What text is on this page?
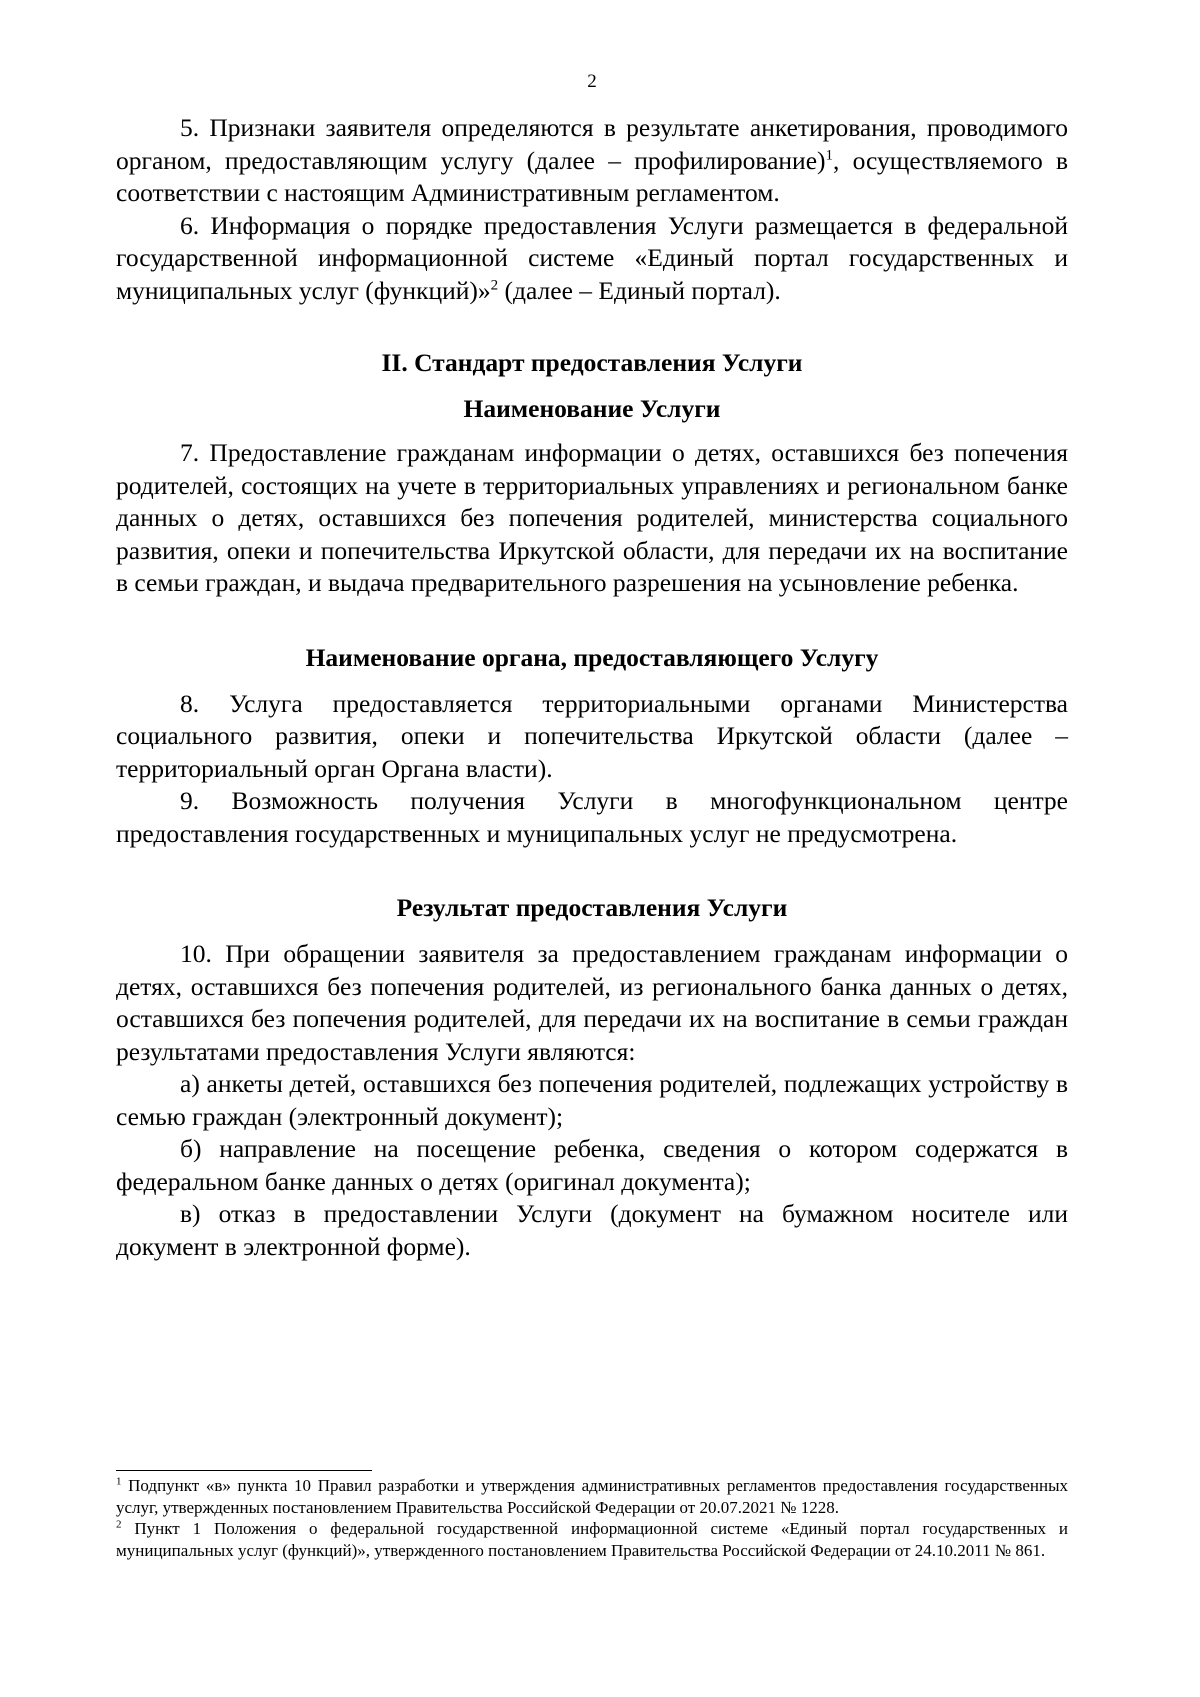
2

5. Признаки заявителя определяются в результате анкетирования, проводимого органом, предоставляющим услугу (далее – профилирование)$^1$, осуществляемого в соответствии с настоящим Административным регламентом.

6. Информация о порядке предоставления Услуги размещается в федеральной государственной информационной системе «Единый портал государственных и муниципальных услуг (функций)»$^2$ (далее – Единый портал).

II. Стандарт предоставления Услуги
Наименование Услуги

7. Предоставление гражданам информации о детях, оставшихся без попечения родителей, состоящих на учете в территориальных управлениях и региональном банке данных о детях, оставшихся без попечения родителей, министерства социального развития, опеки и попечительства Иркутской области, для передачи их на воспитание в семьи граждан, и выдача предварительного разрешения на усыновление ребенка.

Наименование органа, предоставляющего Услугу

8. Услуга предоставляется территориальными органами Министерства социального развития, опеки и попечительства Иркутской области (далее – территориальный орган Органа власти).

9. Возможность получения Услуги в многофункциональном центре предоставления государственных и муниципальных услуг не предусмотрена.

Результат предоставления Услуги

10. При обращении заявителя за предоставлением гражданам информации о детях, оставшихся без попечения родителей, из регионального банка данных о детях, оставшихся без попечения родителей, для передачи их на воспитание в семьи граждан результатами предоставления Услуги являются:

а) анкеты детей, оставшихся без попечения родителей, подлежащих устройству в семью граждан (электронный документ);

б) направление на посещение ребенка, сведения о котором содержатся в федеральном банке данных о детях (оригинал документа);

в) отказ в предоставлении Услуги (документ на бумажном носителе или документ в электронной форме).

$^1$ Подпункт «в» пункта 10 Правил разработки и утверждения административных регламентов предоставления государственных услуг, утвержденных постановлением Правительства Российской Федерации от 20.07.2021 № 1228.

$^2$ Пункт 1 Положения о федеральной государственной информационной системе «Единый портал государственных и муниципальных услуг (функций)», утвержденного постановлением Правительства Российской Федерации от 24.10.2011 № 861.
